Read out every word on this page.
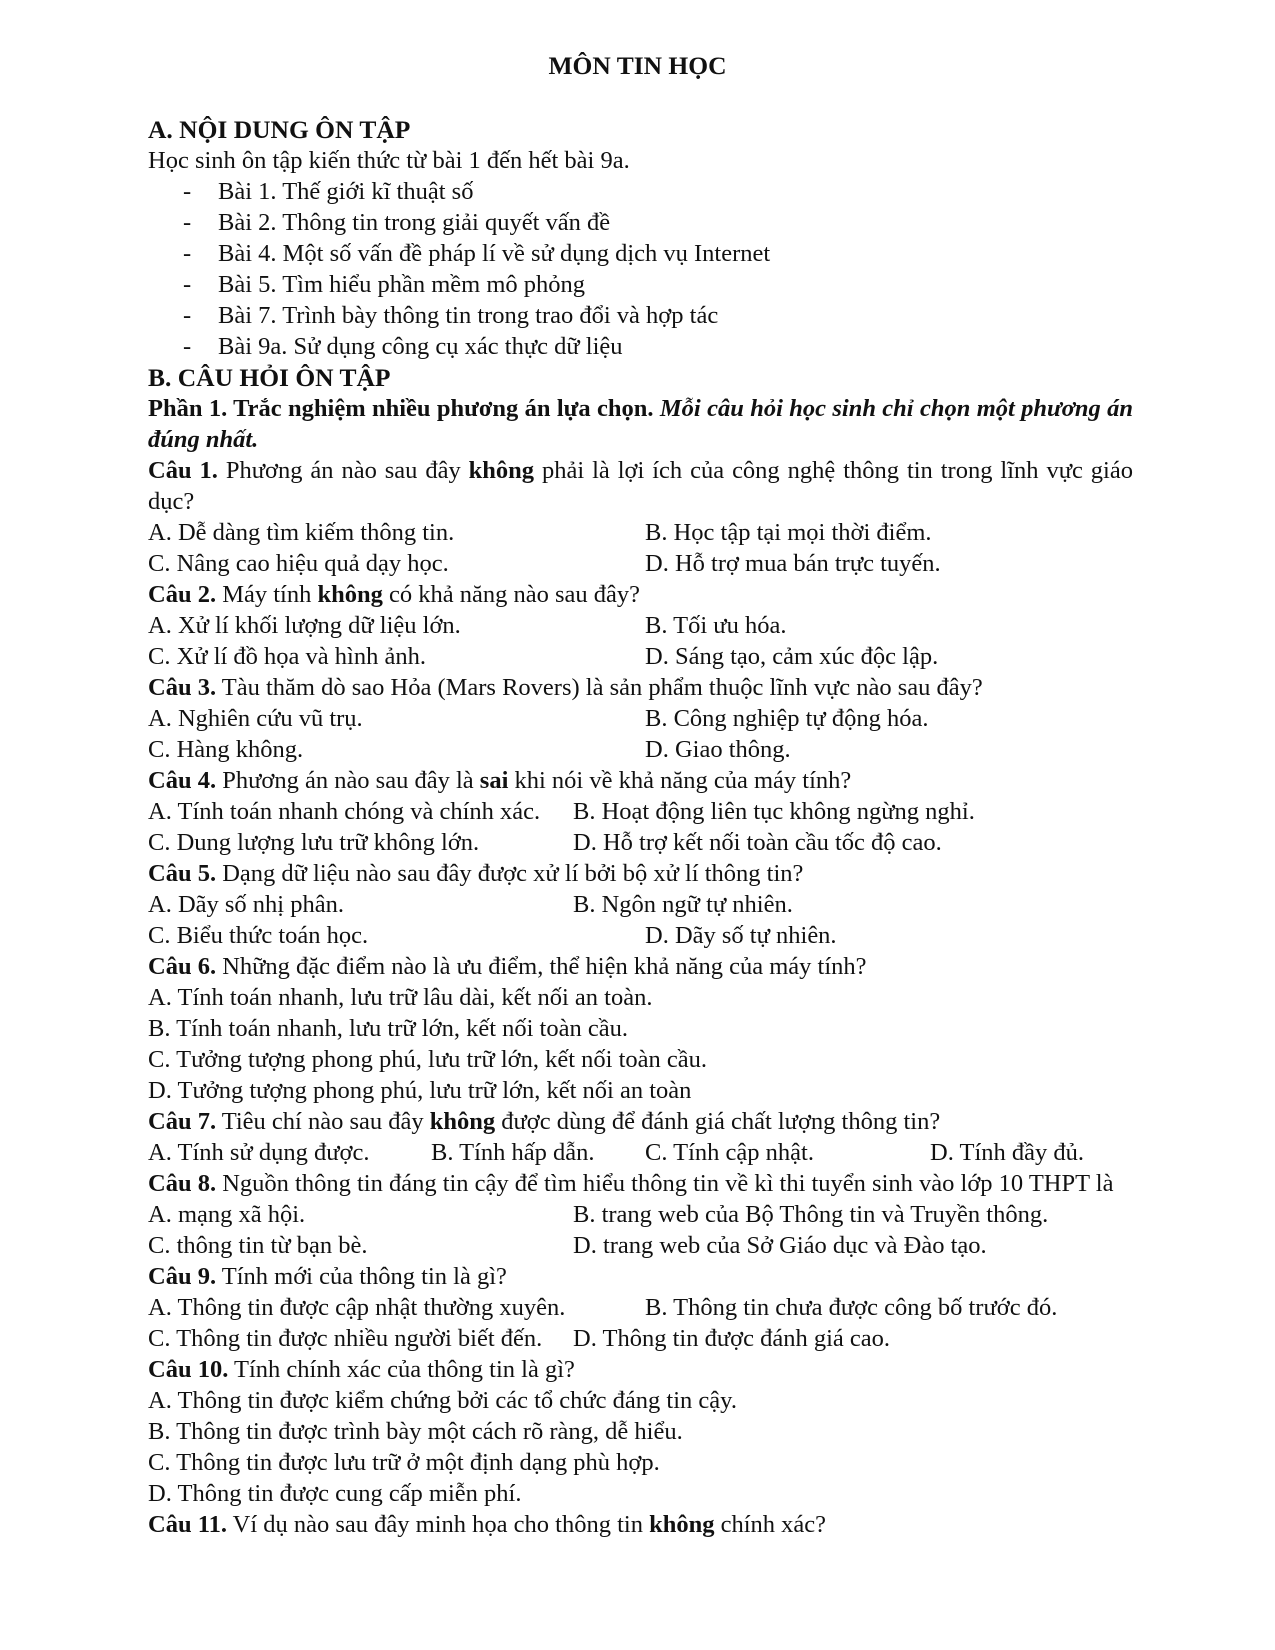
MÔN TIN HỌC
A. NỘI DUNG ÔN TẬP
Học sinh ôn tập kiến thức từ bài 1 đến hết bài 9a.
- Bài 1. Thế giới kĩ thuật số
- Bài 2. Thông tin trong giải quyết vấn đề
- Bài 4. Một số vấn đề pháp lí về sử dụng dịch vụ Internet
- Bài 5. Tìm hiểu phần mềm mô phỏng
- Bài 7. Trình bày thông tin trong trao đổi và hợp tác
- Bài 9a. Sử dụng công cụ xác thực dữ liệu
B. CÂU HỎI ÔN TẬP
Phần 1. Trắc nghiệm nhiều phương án lựa chọn. Mỗi câu hỏi học sinh chỉ chọn một phương án đúng nhất.
Câu 1. Phương án nào sau đây không phải là lợi ích của công nghệ thông tin trong lĩnh vực giáo dục?
A. Dễ dàng tìm kiếm thông tin.	B. Học tập tại mọi thời điểm.
C. Nâng cao hiệu quả dạy học.	D. Hỗ trợ mua bán trực tuyến.
Câu 2. Máy tính không có khả năng nào sau đây?
A. Xử lí khối lượng dữ liệu lớn.	B. Tối ưu hóa.
C. Xử lí đồ họa và hình ảnh.	D. Sáng tạo, cảm xúc độc lập.
Câu 3. Tàu thăm dò sao Hỏa (Mars Rovers) là sản phẩm thuộc lĩnh vực nào sau đây?
A. Nghiên cứu vũ trụ.	B. Công nghiệp tự động hóa.
C. Hàng không.	D. Giao thông.
Câu 4. Phương án nào sau đây là sai khi nói về khả năng của máy tính?
A. Tính toán nhanh chóng và chính xác. B. Hoạt động liên tục không ngừng nghỉ.
C. Dung lượng lưu trữ không lớn.	D. Hỗ trợ kết nối toàn cầu tốc độ cao.
Câu 5. Dạng dữ liệu nào sau đây được xử lí bởi bộ xử lí thông tin?
A. Dãy số nhị phân.	B. Ngôn ngữ tự nhiên.
C. Biểu thức toán học.	D. Dãy số tự nhiên.
Câu 6. Những đặc điểm nào là ưu điểm, thể hiện khả năng của máy tính?
A. Tính toán nhanh, lưu trữ lâu dài, kết nối an toàn.
B. Tính toán nhanh, lưu trữ lớn, kết nối toàn cầu.
C. Tưởng tượng phong phú, lưu trữ lớn, kết nối toàn cầu.
D. Tưởng tượng phong phú, lưu trữ lớn, kết nối an toàn
Câu 7. Tiêu chí nào sau đây không được dùng để đánh giá chất lượng thông tin?
A. Tính sử dụng được.	B. Tính hấp dẫn. C. Tính cập nhật.	D. Tính đầy đủ.
Câu 8. Nguồn thông tin đáng tin cậy để tìm hiểu thông tin về kì thi tuyển sinh vào lớp 10 THPT là
A. mạng xã hội.	B. trang web của Bộ Thông tin và Truyền thông.
C. thông tin từ bạn bè.	D. trang web của Sở Giáo dục và Đào tạo.
Câu 9. Tính mới của thông tin là gì?
A. Thông tin được cập nhật thường xuyên.	B. Thông tin chưa được công bố trước đó.
C. Thông tin được nhiều người biết đến. D. Thông tin được đánh giá cao.
Câu 10. Tính chính xác của thông tin là gì?
A. Thông tin được kiểm chứng bởi các tổ chức đáng tin cậy.
B. Thông tin được trình bày một cách rõ ràng, dễ hiểu.
C. Thông tin được lưu trữ ở một định dạng phù hợp.
D. Thông tin được cung cấp miễn phí.
Câu 11. Ví dụ nào sau đây minh họa cho thông tin không chính xác?
